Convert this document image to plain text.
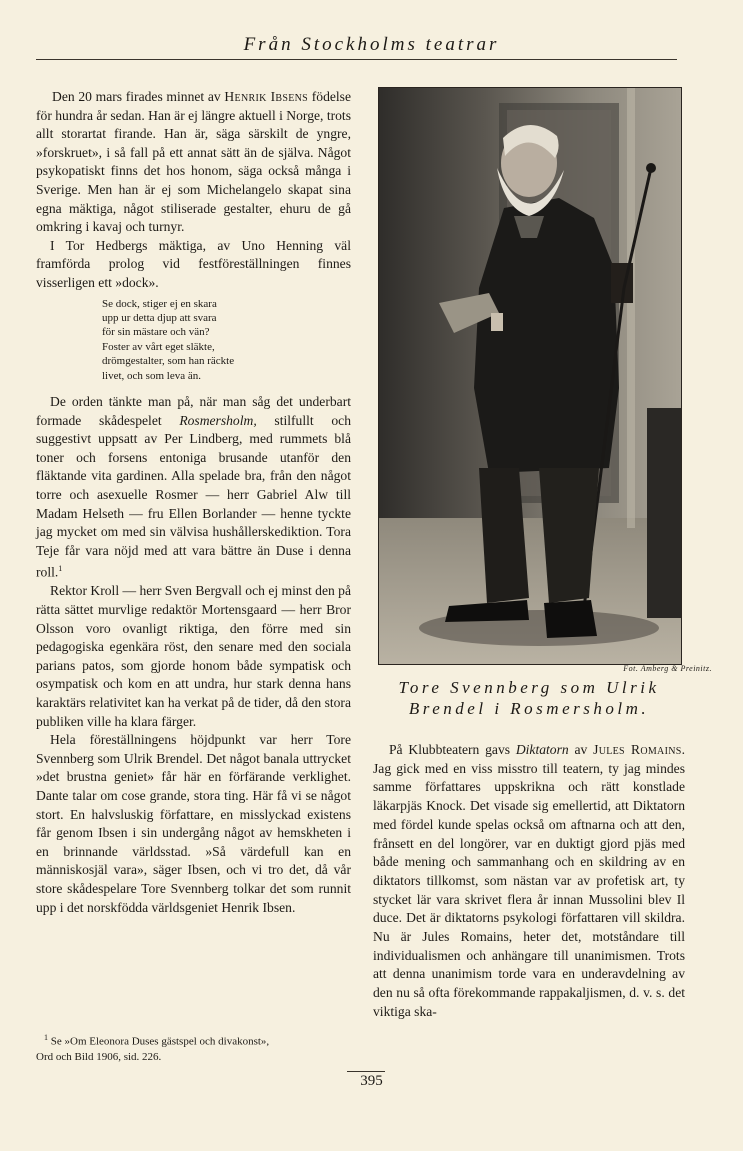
Från Stockholms teatrar

Den 20 mars firades minnet av Henrik Ibsens födelse för hundra år sedan. Han är ej längre aktuell i Norge, trots allt storartat firande. Han är, säga särskilt de yngre, »forskruet», i så fall på ett annat sätt än de själva. Något psykopatiskt finns det hos honom, säga också många i Sverige. Men han är ej som Michelangelo skapat sina egna mäktiga, något stiliserade gestalter, ehuru de gå omkring i kavaj och turnyr.

I Tor Hedbergs mäktiga, av Uno Henning väl framförda prolog vid festföreställningen finnes visserligen ett »dock».

Se dock, stiger ej en skara
upp ur detta djup att svara
för sin mästare och vän?
Foster av vårt eget släkte,
drömgestalter, som han räckte
livet, och som leva än.

De orden tänkte man på, när man såg det underbart formade skådespelet Rosmersholm, stilfullt och suggestivt uppsatt av Per Lindberg, med rummets blå toner och forsens entoniga brusande utanför den fläktande vita gardinen. Alla spelade bra, från den något torre och asexuelle Rosmer — herr Gabriel Alw till Madam Helseth — fru Ellen Borlander — henne tyckte jag mycket om med sin välvisa hushållerskediktion. Tora Teje får vara nöjd med att vara bättre än Duse i denna roll.$^1$

Rektor Kroll — herr Sven Bergvall och ej minst den på rätta sättet murvlige redaktör Mortensgaard — herr Bror Olsson voro ovanligt riktiga, den förre med sin pedagogiska egenkära röst, den senare med den sociala parians patos, som gjorde honom både sympatisk och osympatisk och kom en att undra, hur stark denna hans karaktärs relativitet kan ha verkat på de tider, då den stora publiken ville ha klara färger.

Hela föreställningens höjdpunkt var herr Tore Svennberg som Ulrik Brendel. Det något banala uttrycket »det brustna geniet» får här en förfärande verklighet. Dante talar om cose grande, stora ting. Här få vi se något stort. En halvsluskig författare, en misslyckad existens får genom Ibsen i sin undergång något av hemskheten i en brinnande världsstad. »Så värdefull kan en människosjäl vara», säger Ibsen, och vi tro det, då vår store skådespelare Tore Svennberg tolkar det som runnit upp i det norskfödda världsgeniet Henrik Ibsen.

$^1$ Se »Om Eleonora Duses gästspel och divakonst»,
Ord och Bild 1906, sid. 226.
Fot. Amberg & Preinitz.
Tore Svennberg som Ulrik
Brendel i Rosmersholm.

På Klubbteatern gavs Diktatorn av Jules Romains. Jag gick med en viss misstro till teatern, ty jag mindes samme författares uppskrikna och rätt konstlade läkarpjäs Knock. Det visade sig emellertid, att Diktatorn med fördel kunde spelas också om aftnarna och att den, frånsett en del longörer, var en duktigt gjord pjäs med både mening och sammanhang och en skildring av en diktators tillkomst, som nästan var av profetisk art, ty stycket lär vara skrivet flera år innan Mussolini blev Il duce. Det är diktatorns psykologi författaren vill skildra. Nu är Jules Romains, heter det, motståndare till individualismen och anhängare till unanimismen. Trots att denna unanimism torde vara en underavdelning av den nu så ofta förekommande rappakaljismen, d. v. s. det viktiga ska-

395
